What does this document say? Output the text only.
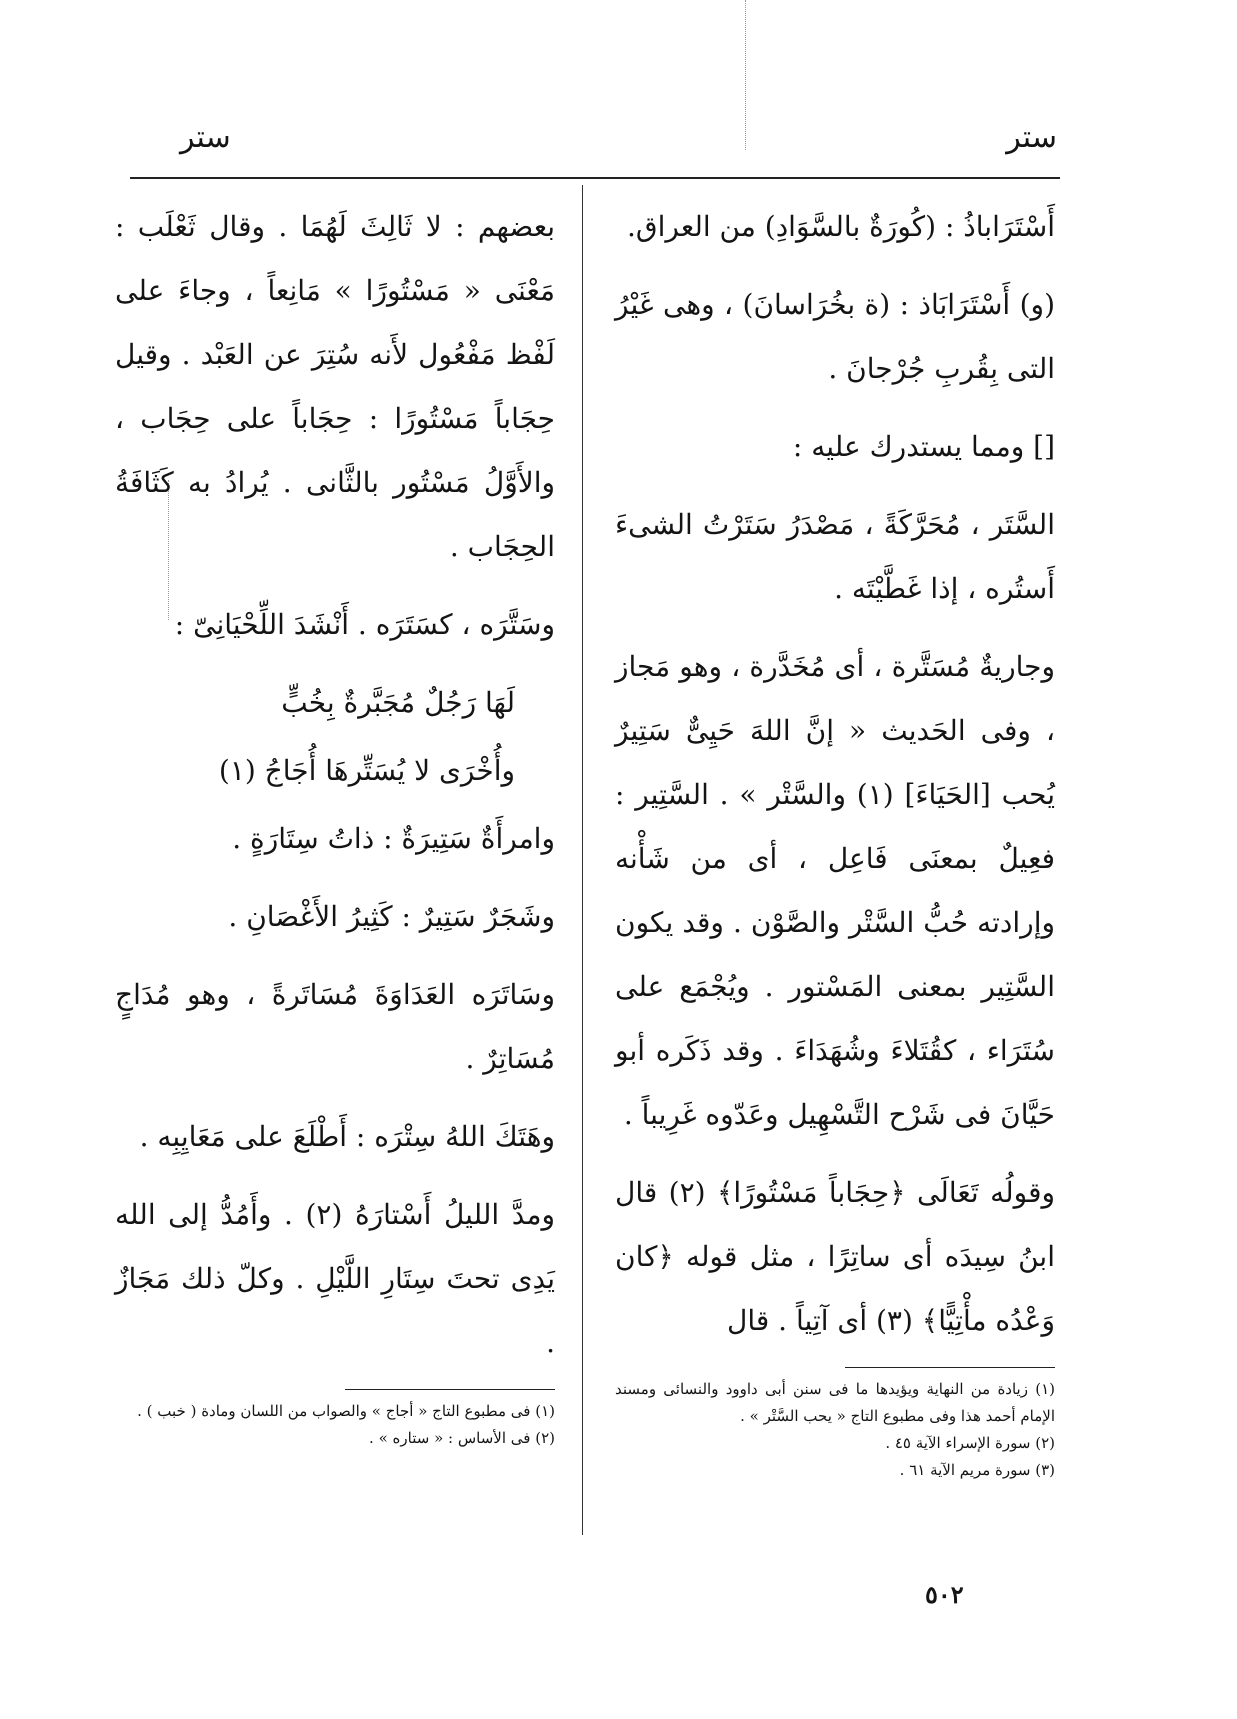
ستر
ستر

أَسْتَرَاباذُ : (كُورَةٌ بالسَّوَادِ) من العراق.

(و) أَسْتَرَابَاذ : (ة بخُرَاسانَ) ، وهى غَيْرُ التى بِقُربِ جُرْجانَ .

[] ومما يستدرك عليه :

السَّتَر ، مُحَرَّكَةً ، مَصْدَرُ سَتَرْتُ الشىءَ أَستُره ، إذا غَطَّيْتَه .

وجاريةٌ مُسَتَّرة ، أى مُخَدَّرة ، وهو مَجاز ، وفى الحَديث « إنَّ اللهَ حَيِىٌّ سَتِيرٌ يُحب [الحَيَاءَ] (١) والسَّتْر » . السَّتِير : فعِيلٌ بمعنَى فَاعِل ، أى من شَأْنه وإرادته حُبُّ السَّتْر والصَّوْن . وقد يكون السَّتِير بمعنى المَسْتور . ويُجْمَع على سُتَرَاء ، كقُتَلاءَ وشُهَدَاءَ . وقد ذَكَره أبو حَيَّانَ فى شَرْح التَّسْهِيل وعَدّوه غَرِيباً .

وقولُه تَعَالَى ﴿حِجَاباً مَسْتُورًا﴾ (٢) قال ابنُ سِيدَه أى ساتِرًا ، مثل قوله ﴿كان وَعْدُه مأْتِيًّا﴾ (٣) أى آتِياً . قال

(١) زيادة من النهاية ويؤيدها ما فى سنن أبى داوود والنسائى ومسند الإمام أحمد هذا وفى مطبوع التاج « يحب السَّتْر » .

(٢) سورة الإسراء الآية ٤٥ .

(٣) سورة مريم الآية ٦١ .

بعضهم : لا ثَالِثَ لَهُمَا . وقال ثَعْلَب : مَعْنَى « مَسْتُورًا » مَانِعاً ، وجاءَ على لَفْظ مَفْعُول لأَنه سُتِرَ عن العَبْد . وقيل حِجَاباً مَسْتُورًا : حِجَاباً على حِجَاب ، والأَوَّلُ مَسْتُور بالثَّانى . يُرادُ به كَثَافَةُ الحِجَاب .

وسَتَّرَه ، كسَتَرَه . أَنْشَدَ اللِّحْيَانِىّ :

لَهَا رَجُلٌ مُجَبَّرةٌ بِخُبٍّ

وأُخْرَى لا يُسَتِّرهَا أُجَاجُ (١)

وامرأَةٌ سَتِيرَةٌ : ذاتُ سِتَارَةٍ .

وشَجَرٌ سَتِيرٌ : كَثِيرُ الأَغْصَانِ .

وسَاتَرَه العَدَاوَةَ مُسَاتَرةً ، وهو مُدَاجٍ مُسَاتِرٌ .

وهَتَكَ اللهُ سِتْرَه : أَطْلَعَ على مَعَايِبِه .

ومدَّ الليلُ أَسْتارَهُ (٢) . وأَمُدُّ إلى الله يَدِى تحتَ سِتَارِ اللَّيْلِ . وكلّ ذلك مَجَازٌ .

(١) فى مطبوع التاج « أجاج » والصواب من اللسان ومادة ( خبب ) .

(٢) فى الأساس : « ستاره » .

٥٠٢
